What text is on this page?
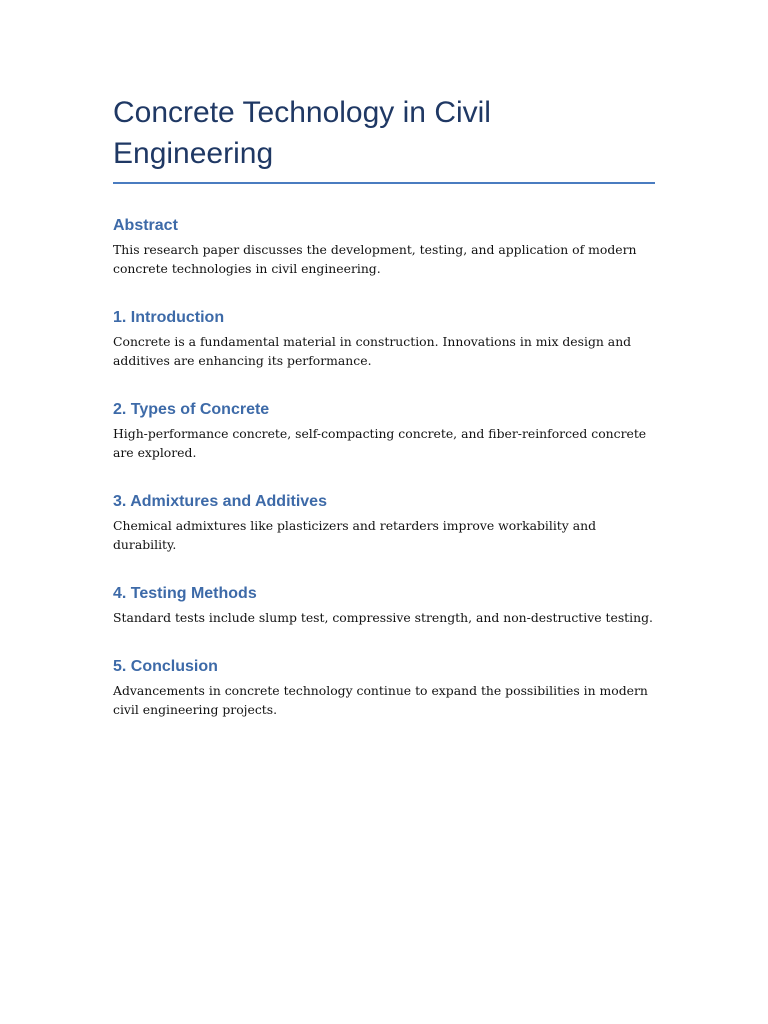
Concrete Technology in Civil Engineering
Abstract

This research paper discusses the development, testing, and application of modern concrete technologies in civil engineering.

1. Introduction

Concrete is a fundamental material in construction. Innovations in mix design and additives are enhancing its performance.

2. Types of Concrete

High-performance concrete, self-compacting concrete, and fiber-reinforced concrete are explored.

3. Admixtures and Additives

Chemical admixtures like plasticizers and retarders improve workability and durability.

4. Testing Methods

Standard tests include slump test, compressive strength, and non-destructive testing.

5. Conclusion

Advancements in concrete technology continue to expand the possibilities in modern civil engineering projects.
